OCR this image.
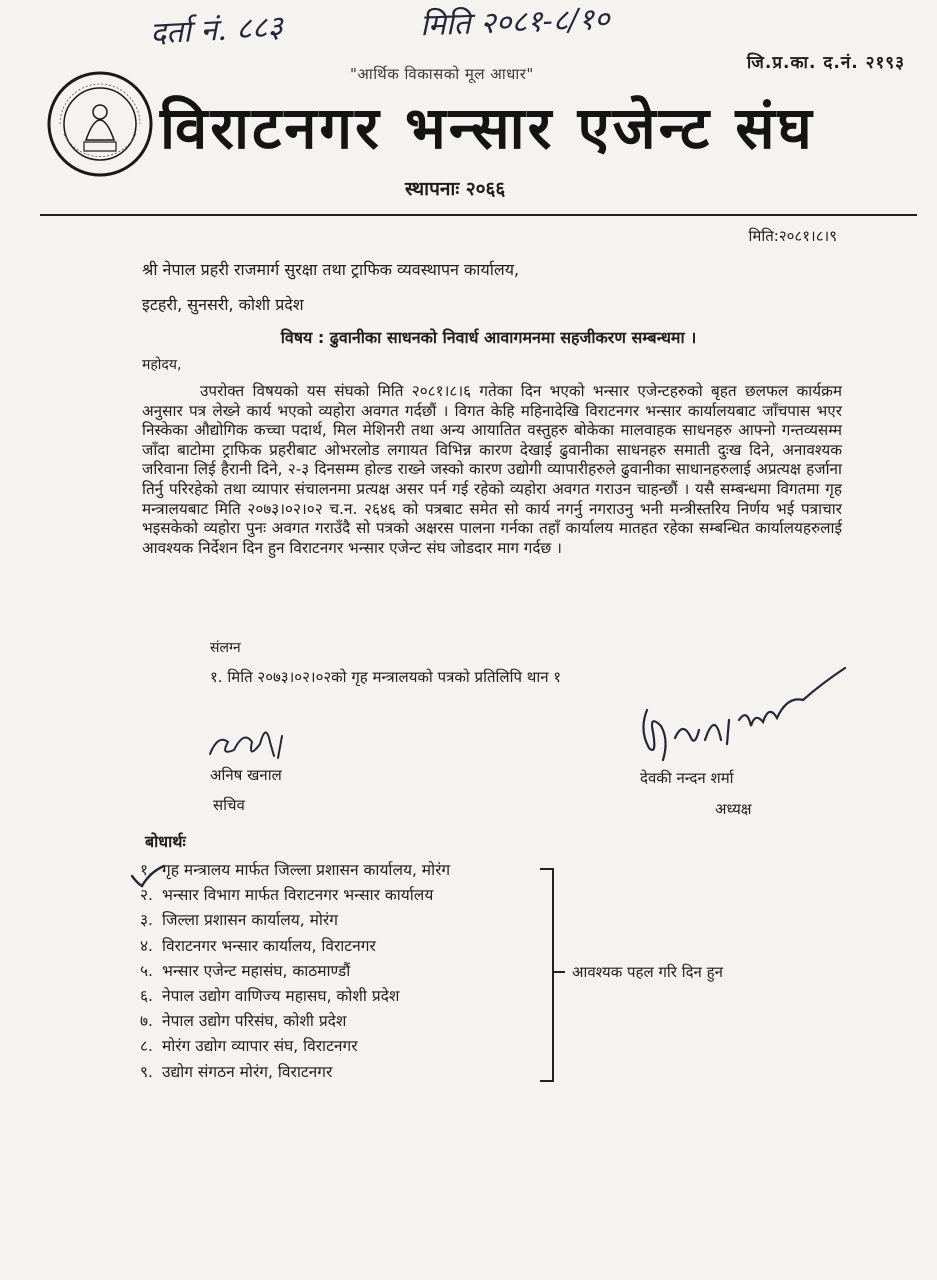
दर्ता नं. ८८३	मिति २०८१-८/१०
जि.प्र.का. द.नं. २१९३
"आर्थिक विकासको मूल आधार"
विराटनगर भन्सार एजेन्ट संघ
स्थापनाः २०६६
मिति:२०८१।८।९
श्री नेपाल प्रहरी राजमार्ग सुरक्षा तथा ट्राफिक व्यवस्थापन कार्यालय,
इटहरी, सुनसरी, कोशी प्रदेश
विषय : ढुवानीका साधनको निवार्ध आवागमनमा सहजीकरण सम्बन्धमा ।
महोदय,

उपरोक्त विषयको यस संघको मिति २०८१।८।६ गतेका दिन भएको भन्सार एजेन्टहरुको बृहत छलफल कार्यक्रम अनुसार पत्र लेख्ने कार्य भएको व्यहोरा अवगत गर्दछौं । विगत केहि महिनादेखि विराटनगर भन्सार कार्यालयबाट जाँचपास भएर निस्केका औद्योगिक कच्चा पदार्थ, मिल मेशिनरी तथा अन्य आयातित वस्तुहरु बोकेका मालवाहक साधनहरु आफ्नो गन्तव्यसम्म जाँदा बाटोमा ट्राफिक प्रहरीबाट ओभरलोड लगायत विभिन्न कारण देखाई ढुवानीका साधनहरु समाती दुःख दिने, अनावश्यक जरिवाना लिई हैरानी दिने, २-३ दिनसम्म होल्ड राख्ने जस्को कारण उद्योगी व्यापारीहरुले ढुवानीका साधानहरुलाई अप्रत्यक्ष हर्जाना तिर्नु परिरहेको तथा व्यापार संचालनमा प्रत्यक्ष असर पर्न गई रहेको व्यहोरा अवगत गराउन चाहन्छौं । यसै सम्बन्धमा विगतमा गृह मन्त्रालयबाट मिति २०७३।०२।०२ च.न. २६४६ को पत्रबाट समेत सो कार्य नगर्नु नगराउनु भनी मन्त्रीस्तरिय निर्णय भई पत्राचार भइसकेको व्यहोरा पुनः अवगत गराउँदै सो पत्रको अक्षरस पालना गर्नका तहाँ कार्यालय मातहत रहेका सम्बन्धित कार्यालयहरुलाई आवश्यक निर्देशन दिन हुन विराटनगर भन्सार एजेन्ट संघ जोडदार माग गर्दछ ।

संलग्न
१. मिति २०७३।०२।०२को गृह मन्त्रालयको पत्रको प्रतिलिपि थान १
अनिष खनाल
सचिव
देवकी नन्दन शर्मा
अध्यक्ष
बोधार्थः
१. गृह मन्त्रालय मार्फत जिल्ला प्रशासन कार्यालय, मोरंग
२. भन्सार विभाग मार्फत विराटनगर भन्सार कार्यालय
३. जिल्ला प्रशासन कार्यालय, मोरंग
४. विराटनगर भन्सार कार्यालय, विराटनगर
५. भन्सार एजेन्ट महासंघ, काठमाण्डौं
६. नेपाल उद्योग वाणिज्य महासघ, कोशी प्रदेश
७. नेपाल उद्योग परिसंघ, कोशी प्रदेश
८. मोरंग उद्योग व्यापार संघ, विराटनगर
९. उद्योग संगठन मोरंग, विराटनगर
आवश्यक पहल गरि दिन हुन
